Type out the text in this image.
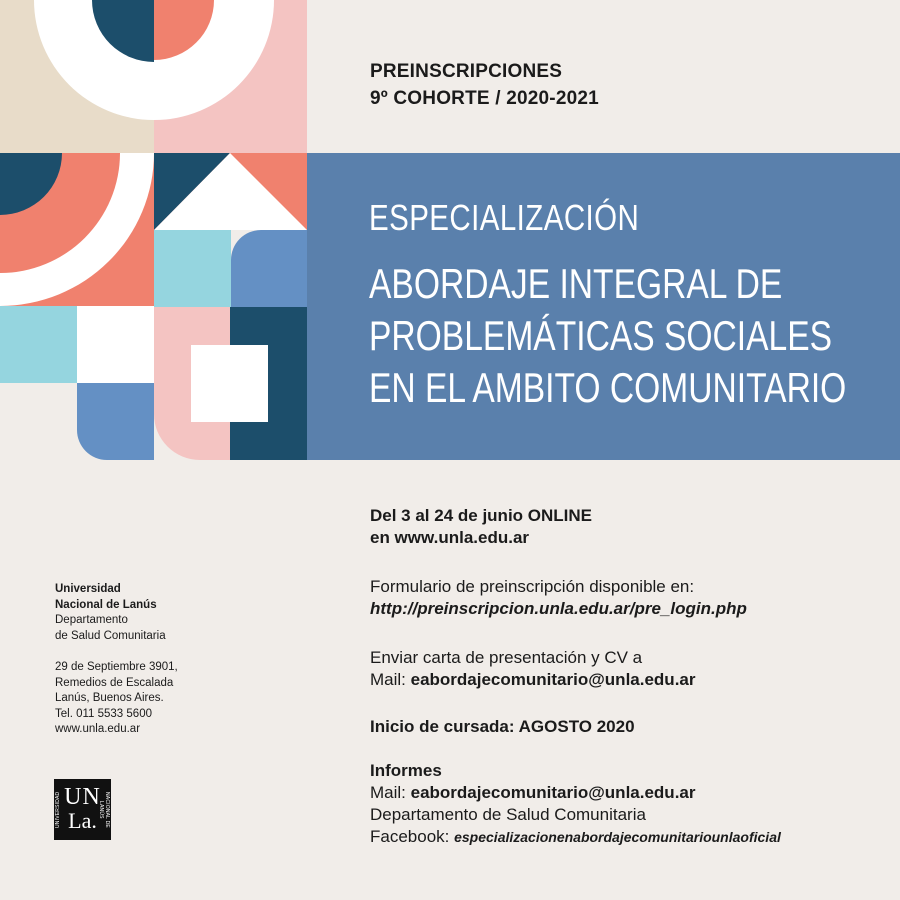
PREINSCRIPCIONES
9º COHORTE / 2020-2021
ESPECIALIZACIÓN
ABORDAJE INTEGRAL DE
PROBLEMÁTICAS SOCIALES
EN EL AMBITO COMUNITARIO
Del 3 al 24 de junio ONLINE
en www.unla.edu.ar
Formulario de preinscripción disponible en:
http://preinscripcion.unla.edu.ar/pre_login.php
Enviar carta de presentación y CV a
Mail: eabordajecomunitario@unla.edu.ar
Inicio de cursada: AGOSTO 2020
Informes
Mail: eabordajecomunitario@unla.edu.ar
Departamento de Salud Comunitaria
Facebook: especializacionenabordajecomunitariounlaoficial
Universidad
Nacional de Lanús
Departamento
de Salud Comunitaria
29 de Septiembre 3901,
Remedios de Escalada
Lanús, Buenos Aires.
Tel. 011 5533 5600
www.unla.edu.ar
UNIVERSIDAD UN
La.	NACIONAL DE LANÚS
